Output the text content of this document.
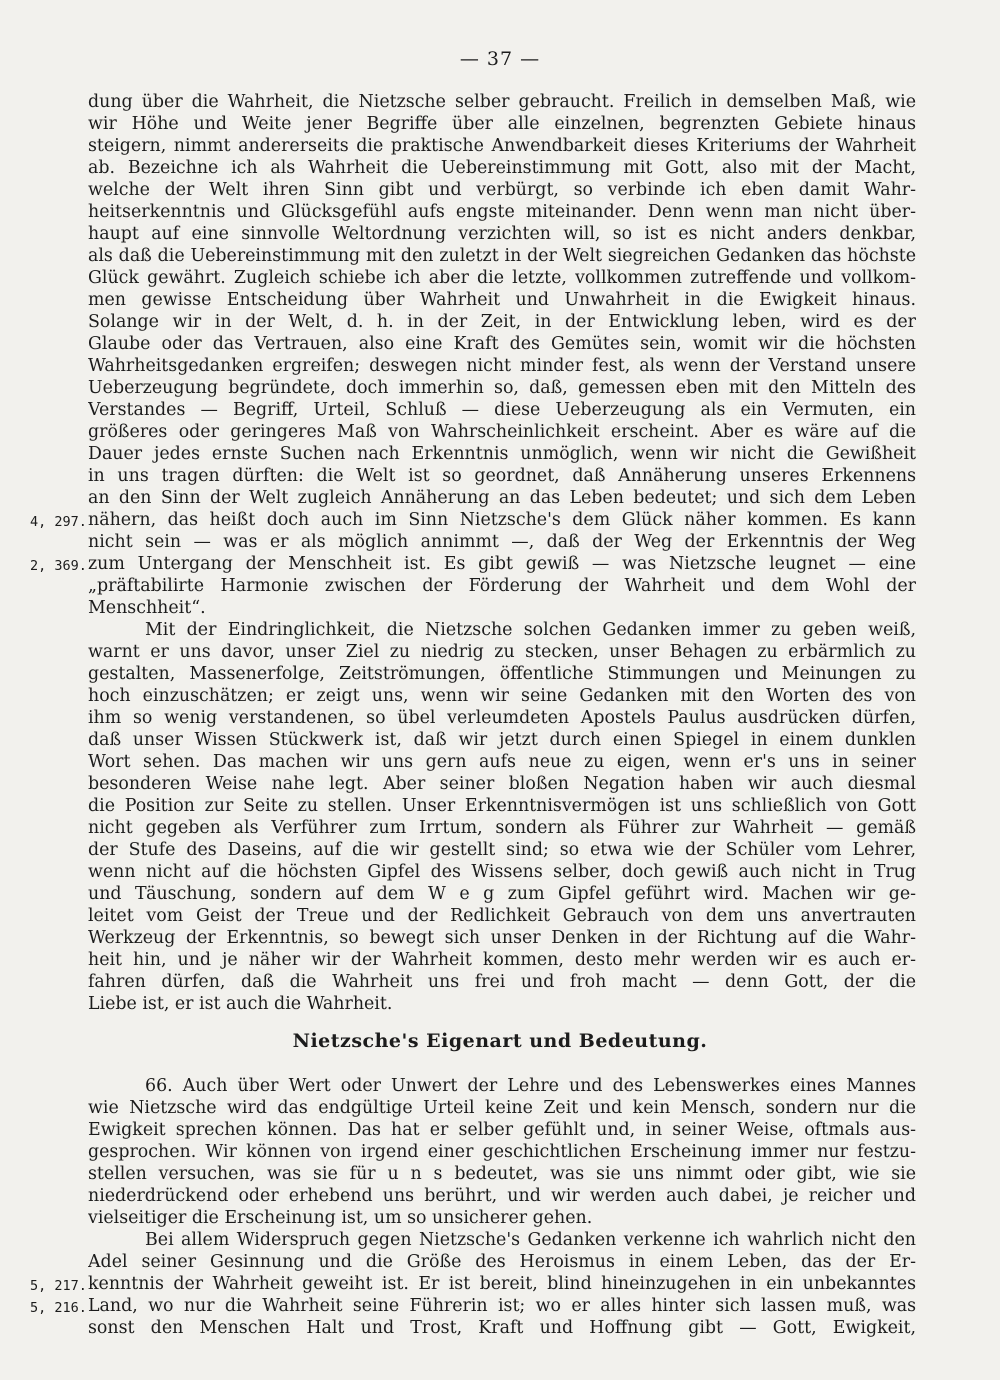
— 37 —
dung über die Wahrheit, die Nietzsche selber gebraucht. Freilich in demselben Maß, wie
wir Höhe und Weite jener Begriffe über alle einzelnen, begrenzten Gebiete hinaus
steigern, nimmt andererseits die praktische Anwendbarkeit dieses Kriteriums der Wahrheit
ab. Bezeichne ich als Wahrheit die Uebereinstimmung mit Gott, also mit der Macht,
welche der Welt ihren Sinn gibt und verbürgt, so verbinde ich eben damit Wahr-
heitserkenntnis und Glücksgefühl aufs engste miteinander. Denn wenn man nicht über-
haupt auf eine sinnvolle Weltordnung verzichten will, so ist es nicht anders denkbar,
als daß die Uebereinstimmung mit den zuletzt in der Welt siegreichen Gedanken das höchste
Glück gewährt. Zugleich schiebe ich aber die letzte, vollkommen zutreffende und vollkom-
men gewisse Entscheidung über Wahrheit und Unwahrheit in die Ewigkeit hinaus.
Solange wir in der Welt, d. h. in der Zeit, in der Entwicklung leben, wird es der
Glaube oder das Vertrauen, also eine Kraft des Gemütes sein, womit wir die höchsten
Wahrheitsgedanken ergreifen; deswegen nicht minder fest, als wenn der Verstand unsere
Ueberzeugung begründete, doch immerhin so, daß, gemessen eben mit den Mitteln des
Verstandes — Begriff, Urteil, Schluß — diese Ueberzeugung als ein Vermuten, ein
größeres oder geringeres Maß von Wahrscheinlichkeit erscheint. Aber es wäre auf die
Dauer jedes ernste Suchen nach Erkenntnis unmöglich, wenn wir nicht die Gewißheit
in uns tragen dürften: die Welt ist so geordnet, daß Annäherung unseres Erkennens
an den Sinn der Welt zugleich Annäherung an das Leben bedeutet; und sich dem Leben
nähern, das heißt doch auch im Sinn Nietzsche's dem Glück näher kommen. Es kann
nicht sein — was er als möglich annimmt —, daß der Weg der Erkenntnis der Weg
zum Untergang der Menschheit ist. Es gibt gewiß — was Nietzsche leugnet — eine
„präftabilirte Harmonie zwischen der Förderung der Wahrheit und dem Wohl der
Menschheit“.
4, 297.
2, 369.
Mit der Eindringlichkeit, die Nietzsche solchen Gedanken immer zu geben weiß,
warnt er uns davor, unser Ziel zu niedrig zu stecken, unser Behagen zu erbärmlich zu
gestalten, Massenerfolge, Zeitströmungen, öffentliche Stimmungen und Meinungen zu
hoch einzuschätzen; er zeigt uns, wenn wir seine Gedanken mit den Worten des von
ihm so wenig verstandenen, so übel verleumdeten Apostels Paulus ausdrücken dürfen,
daß unser Wissen Stückwerk ist, daß wir jetzt durch einen Spiegel in einem dunklen
Wort sehen. Das machen wir uns gern aufs neue zu eigen, wenn er's uns in seiner
besonderen Weise nahe legt. Aber seiner bloßen Negation haben wir auch diesmal
die Position zur Seite zu stellen. Unser Erkenntnisvermögen ist uns schließlich von Gott
nicht gegeben als Verführer zum Irrtum, sondern als Führer zur Wahrheit — gemäß
der Stufe des Daseins, auf die wir gestellt sind; so etwa wie der Schüler vom Lehrer,
wenn nicht auf die höchsten Gipfel des Wissens selber, doch gewiß auch nicht in Trug
und Täuschung, sondern auf dem W e g zum Gipfel geführt wird. Machen wir ge-
leitet vom Geist der Treue und der Redlichkeit Gebrauch von dem uns anvertrauten
Werkzeug der Erkenntnis, so bewegt sich unser Denken in der Richtung auf die Wahr-
heit hin, und je näher wir der Wahrheit kommen, desto mehr werden wir es auch er-
fahren dürfen, daß die Wahrheit uns frei und froh macht — denn Gott, der die
Liebe ist, er ist auch die Wahrheit.
Nietzsche's Eigenart und Bedeutung.
66. Auch über Wert oder Unwert der Lehre und des Lebenswerkes eines Mannes
wie Nietzsche wird das endgültige Urteil keine Zeit und kein Mensch, sondern nur die
Ewigkeit sprechen können. Das hat er selber gefühlt und, in seiner Weise, oftmals aus-
gesprochen. Wir können von irgend einer geschichtlichen Erscheinung immer nur festzu-
stellen versuchen, was sie für u n s bedeutet, was sie uns nimmt oder gibt, wie sie
niederdrückend oder erhebend uns berührt, und wir werden auch dabei, je reicher und
vielseitiger die Erscheinung ist, um so unsicherer gehen.
Bei allem Widerspruch gegen Nietzsche's Gedanken verkenne ich wahrlich nicht den
Adel seiner Gesinnung und die Größe des Heroismus in einem Leben, das der Er-
kenntnis der Wahrheit geweiht ist. Er ist bereit, blind hineinzugehen in ein unbekanntes
Land, wo nur die Wahrheit seine Führerin ist; wo er alles hinter sich lassen muß, was
sonst den Menschen Halt und Trost, Kraft und Hoffnung gibt — Gott, Ewigkeit,
5, 217.
5, 216.
